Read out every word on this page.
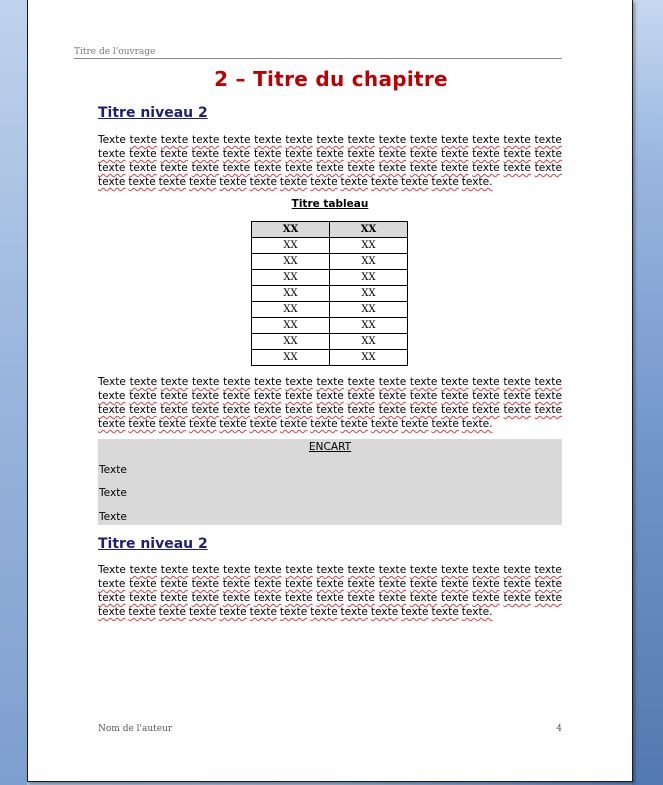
Titre de l'ouvrage
2 – Titre du chapitre
Titre niveau 2
Texte texte texte texte texte texte texte texte texte texte texte texte texte texte texte
texte texte texte texte texte texte texte texte texte texte texte texte texte texte texte
texte texte texte texte texte texte texte texte texte texte texte texte texte texte texte
texte texte texte texte texte texte texte texte texte texte texte texte texte.
Titre tableau
XX	XX
XX	XX
XX	XX
XX	XX
XX	XX
XX	XX
XX	XX
XX	XX
XX	XX
Texte texte texte texte texte texte texte texte texte texte texte texte texte texte texte
texte texte texte texte texte texte texte texte texte texte texte texte texte texte texte
texte texte texte texte texte texte texte texte texte texte texte texte texte texte texte
texte texte texte texte texte texte texte texte texte texte texte texte texte.
ENCART
Texte
Texte
Texte
Titre niveau 2
Texte texte texte texte texte texte texte texte texte texte texte texte texte texte texte
texte texte texte texte texte texte texte texte texte texte texte texte texte texte texte
texte texte texte texte texte texte texte texte texte texte texte texte texte texte texte
texte texte texte texte texte texte texte texte texte texte texte texte texte.
Nom de l'auteur	4
